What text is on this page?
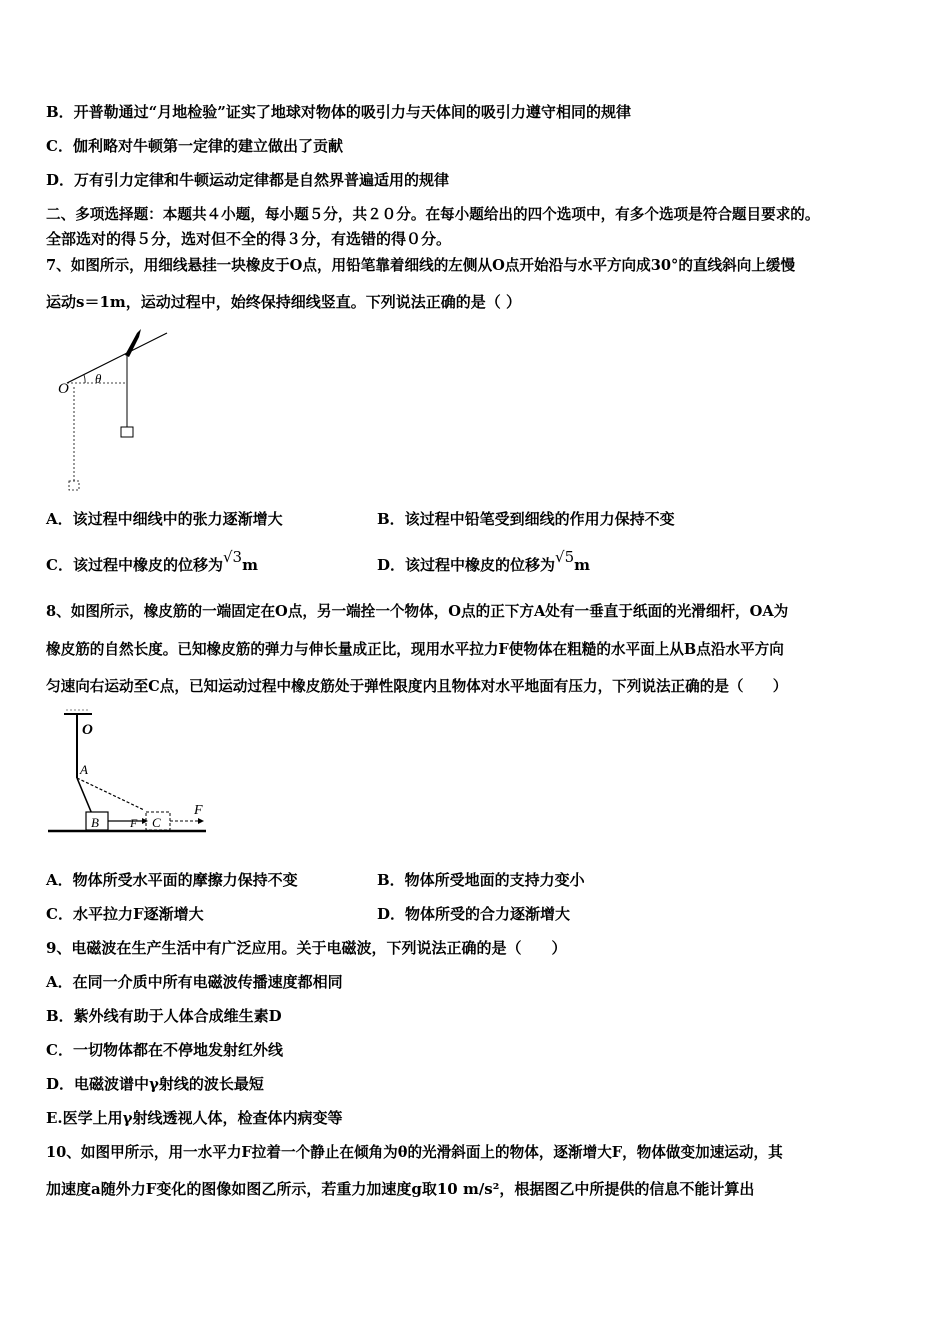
B．开普勒通过“月地检验”证实了地球对物体的吸引力与天体间的吸引力遵守相同的规律
C．伽利略对牛顿第一定律的建立做出了贡献
D．万有引力定律和牛顿运动定律都是自然界普遍适用的规律
二、多项选择题：本题共４小题，每小题５分，共２０分。在每小题给出的四个选项中，有多个选项是符合题目要求的。
全部选对的得５分，选对但不全的得３分，有选错的得０分。
7、如图所示，用细线悬挂一块橡皮于O点，用铅笔靠着细线的左侧从O点开始沿与水平方向成30°的直线斜向上缓慢
运动s＝1m，运动过程中，始终保持细线竖直。下列说法正确的是（ ）
O
θ
A．该过程中细线中的张力逐渐增大	B．该过程中铅笔受到细线的作用力保持不变
C．该过程中橡皮的位移为√3m	D．该过程中橡皮的位移为√5m
8、如图所示，橡皮筋的一端固定在O点，另一端拴一个物体，O点的正下方A处有一垂直于纸面的光滑细杆，OA为
橡皮筋的自然长度。已知橡皮筋的弹力与伸长量成正比，现用水平拉力F使物体在粗糙的水平面上从B点沿水平方向
匀速向右运动至C点，已知运动过程中橡皮筋处于弹性限度内且物体对水平地面有压力，下列说法正确的是（　　）
O
A
B	C
F
F
A．物体所受水平面的摩擦力保持不变	B．物体所受地面的支持力变小
C．水平拉力F逐渐增大	D．物体所受的合力逐渐增大
9、电磁波在生产生活中有广泛应用。关于电磁波，下列说法正确的是（　　）
A．在同一介质中所有电磁波传播速度都相同
B．紫外线有助于人体合成维生素D
C．一切物体都在不停地发射红外线
D．电磁波谱中γ射线的波长最短
E.医学上用γ射线透视人体，检查体内病变等
10、如图甲所示，用一水平力F拉着一个静止在倾角为θ的光滑斜面上的物体，逐渐增大F，物体做变加速运动，其
加速度a随外力F变化的图像如图乙所示，若重力加速度g取10 m/s²，根据图乙中所提供的信息不能计算出
